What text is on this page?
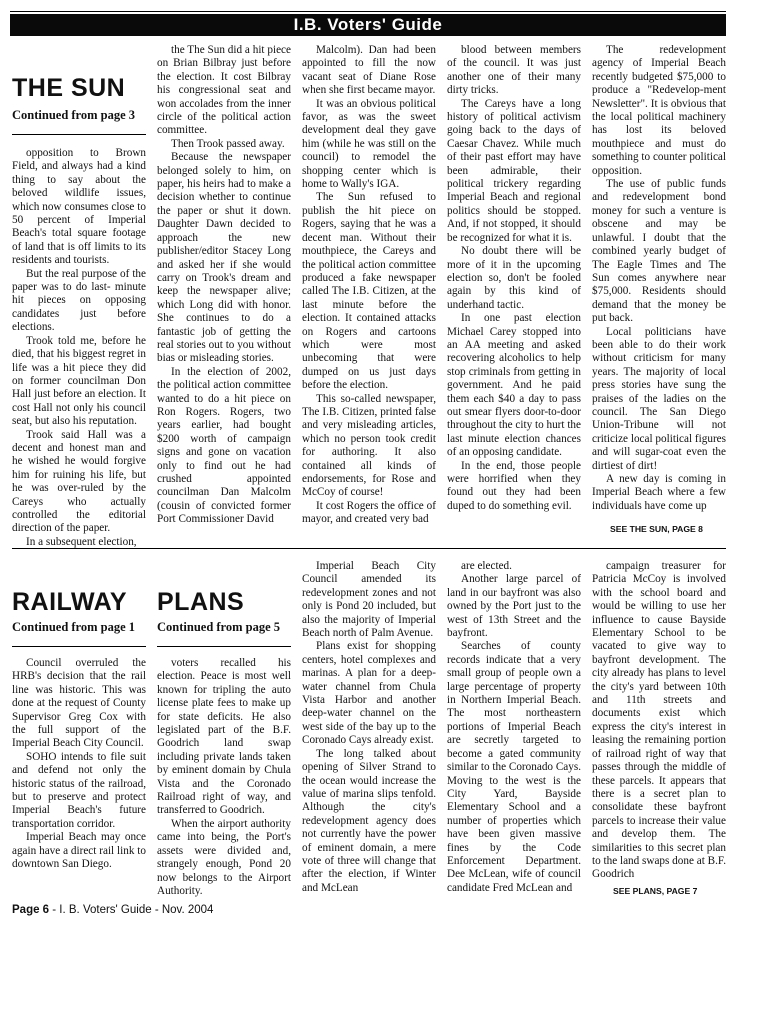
I.B. Voters' Guide
THE SUN
Continued from page 3

opposition to Brown Field, and always had a kind thing to say about the beloved wildlife issues, which now consumes close to 50 percent of Imperial Beach's total square footage of land that is off limits to its residents and tourists.

But the real purpose of the paper was to do last- minute hit pieces on opposing candidates just before elections.

Trook told me, before he died, that his biggest regret in life was a hit piece they did on former councilman Don Hall just before an election. It cost Hall not only his council seat, but also his reputation.

Trook said Hall was a decent and honest man and he wished he would forgive him for ruining his life, but he was over-ruled by the Careys who actually controlled the editorial direction of the paper.

In a subsequent election,

the The Sun did a hit piece on Brian Bilbray just before the election. It cost Bilbray his congressional seat and won accolades from the inner circle of the political action committee.

Then Trook passed away.

Because the newspaper belonged solely to him, on paper, his heirs had to make a decision whether to continue the paper or shut it down. Daughter Dawn decided to approach the new publisher/editor Stacey Long and asked her if she would carry on Trook's dream and keep the newspaper alive; which Long did with honor. She continues to do a fantastic job of getting the real stories out to you without bias or misleading stories.

In the election of 2002, the political action committee wanted to do a hit piece on Ron Rogers. Rogers, two years earlier, had bought $200 worth of campaign signs and gone on vacation only to find out he had crushed appointed councilman Dan Malcolm (cousin of convicted former Port Commissioner David

Malcolm). Dan had been appointed to fill the now vacant seat of Diane Rose when she first became mayor.

It was an obvious political favor, as was the sweet development deal they gave him (while he was still on the council) to remodel the shopping center which is home to Wally's IGA.

The Sun refused to publish the hit piece on Rogers, saying that he was a decent man. Without their mouthpiece, the Careys and the political action committee produced a fake newspaper called The I.B. Citizen, at the last minute before the election. It contained attacks on Rogers and cartoons which were most unbecoming that were dumped on us just days before the election.

This so-called newspaper, The I.B. Citizen, printed false and very misleading articles, which no person took credit for authoring. It also contained all kinds of endorsements, for Rose and McCoy of course!

It cost Rogers the office of mayor, and created very bad

blood between members of the council. It was just another one of their many dirty tricks.

The Careys have a long history of political activism going back to the days of Caesar Chavez. While much of their past effort may have been admirable, their political trickery regarding Imperial Beach and regional politics should be stopped. And, if not stopped, it should be recognized for what it is.

No doubt there will be more of it in the upcoming election so, don't be fooled again by this kind of underhand tactic.

In one past election Michael Carey stopped into an AA meeting and asked recovering alcoholics to help stop criminals from getting in government. And he paid them each $40 a day to pass out smear flyers door-to-door throughout the city to hurt the last minute election chances of an opposing candidate.

In the end, those people were horrified when they found out they had been duped to do something evil.

The redevelopment agency of Imperial Beach recently budgeted $75,000 to produce a "Redevelop-ment Newsletter". It is obvious that the local political machinery has lost its beloved mouthpiece and must do something to counter political opposition.

The use of public funds and redevelopment bond money for such a venture is obscene and may be unlawful. I doubt that the combined yearly budget of The Eagle Times and The Sun comes anywhere near $75,000. Residents should demand that the money be put back.

Local politicians have been able to do their work without criticism for many years. The majority of local press stories have sung the praises of the ladies on the council. The San Diego Union-Tribune will not criticize local political figures and will sugar-coat even the dirtiest of dirt!

A new day is coming in Imperial Beach where a few individuals have come up

SEE THE SUN, PAGE 8
RAILWAY
Continued from page 1

Council overruled the HRB's decision that the rail line was historic. This was done at the request of County Supervisor Greg Cox with the full support of the Imperial Beach City Council.

SOHO intends to file suit and defend not only the historic status of the railroad, but to preserve and protect Imperial Beach's future transportation corridor.

Imperial Beach may once again have a direct rail link to downtown San Diego.

PLANS
Continued from page 5

voters recalled his election. Peace is most well known for tripling the auto license plate fees to make up for state deficits. He also legislated part of the B.F. Goodrich land swap including private lands taken by eminent domain by Chula Vista and the Coronado Railroad right of way, and transferred to Goodrich.

When the airport authority came into being, the Port's assets were divided and, strangely enough, Pond 20 now belongs to the Airport Authority.

Imperial Beach City Council amended its redevelopment zones and not only is Pond 20 included, but also the majority of Imperial Beach north of Palm Avenue.

Plans exist for shopping centers, hotel complexes and marinas. A plan for a deep-water channel from Chula Vista Harbor and another deep-water channel on the west side of the bay up to the Coronado Cays already exist.

The long talked about opening of Silver Strand to the ocean would increase the value of marina slips tenfold. Although the city's redevelopment agency does not currently have the power of eminent domain, a mere vote of three will change that after the election, if Winter and McLean

are elected.

Another large parcel of land in our bayfront was also owned by the Port just to the west of 13th Street and the bayfront.

Searches of county records indicate that a very small group of people own a large percentage of property in Northern Imperial Beach. The most northeastern portions of Imperial Beach are secretly targeted to become a gated community similar to the Coronado Cays. Moving to the west is the City Yard, Bayside Elementary School and a number of properties which have been given massive fines by the Code Enforcement Department. Dee McLean, wife of council candidate Fred McLean and

campaign treasurer for Patricia McCoy is involved with the school board and would be willing to use her influence to cause Bayside Elementary School to be vacated to give way to bayfront development. The city already has plans to level the city's yard between 10th and 11th streets and documents exist which express the city's interest in leasing the remaining portion of railroad right of way that passes through the middle of these parcels. It appears that there is a secret plan to consolidate these bayfront parcels to increase their value and develop them. The similarities to this secret plan to the land swaps done at B.F. Goodrich

SEE PLANS, PAGE 7
Page 6 - I. B. Voters' Guide - Nov. 2004
